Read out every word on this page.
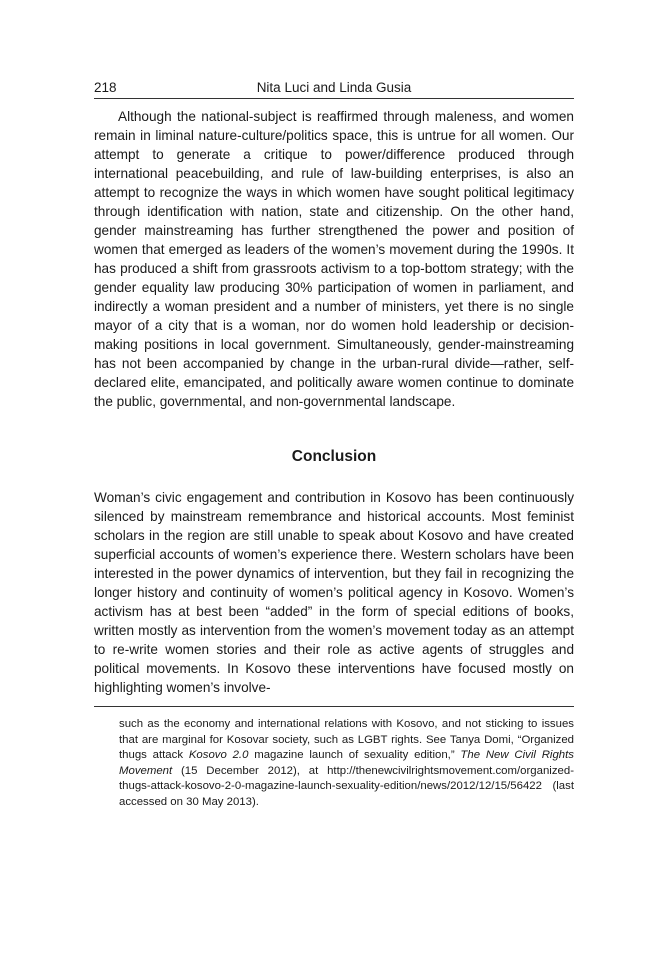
218	Nita Luci and Linda Gusia

Although the national-subject is reaffirmed through maleness, and women remain in liminal nature-culture/politics space, this is untrue for all women. Our attempt to generate a critique to power/difference produced through international peacebuilding, and rule of law-building enterprises, is also an attempt to recognize the ways in which women have sought political legitimacy through identification with nation, state and citizenship. On the other hand, gender mainstreaming has further strengthened the power and position of women that emerged as leaders of the women’s movement during the 1990s. It has produced a shift from grassroots activism to a top-bottom strategy; with the gender equality law producing 30% participation of women in parliament, and indirectly a woman president and a number of ministers, yet there is no single mayor of a city that is a woman, nor do women hold leadership or decision-making positions in local government. Simultaneously, gender-mainstreaming has not been accompanied by change in the urban-rural divide—rather, self-declared elite, emancipated, and politically aware women continue to dominate the public, governmental, and non-governmental landscape.

Conclusion

Woman’s civic engagement and contribution in Kosovo has been continuously silenced by mainstream remembrance and historical accounts. Most feminist scholars in the region are still unable to speak about Kosovo and have created superficial accounts of women’s experience there. Western scholars have been interested in the power dynamics of intervention, but they fail in recognizing the longer history and continuity of women’s political agency in Kosovo. Women’s activism has at best been “added” in the form of special editions of books, written mostly as intervention from the women’s movement today as an attempt to re-write women stories and their role as active agents of struggles and political movements. In Kosovo these interventions have focused mostly on highlighting women’s involve-

such as the economy and international relations with Kosovo, and not sticking to issues that are marginal for Kosovar society, such as LGBT rights. See Tanya Domi, “Organized thugs attack Kosovo 2.0 magazine launch of sexuality edition,” The New Civil Rights Movement (15 December 2012), at http://thenewcivilrightsmovement.com/organized-thugs-attack-kosovo-2-0-magazine-launch-sexuality-edition/news/2012/12/15/56422 (last accessed on 30 May 2013).
